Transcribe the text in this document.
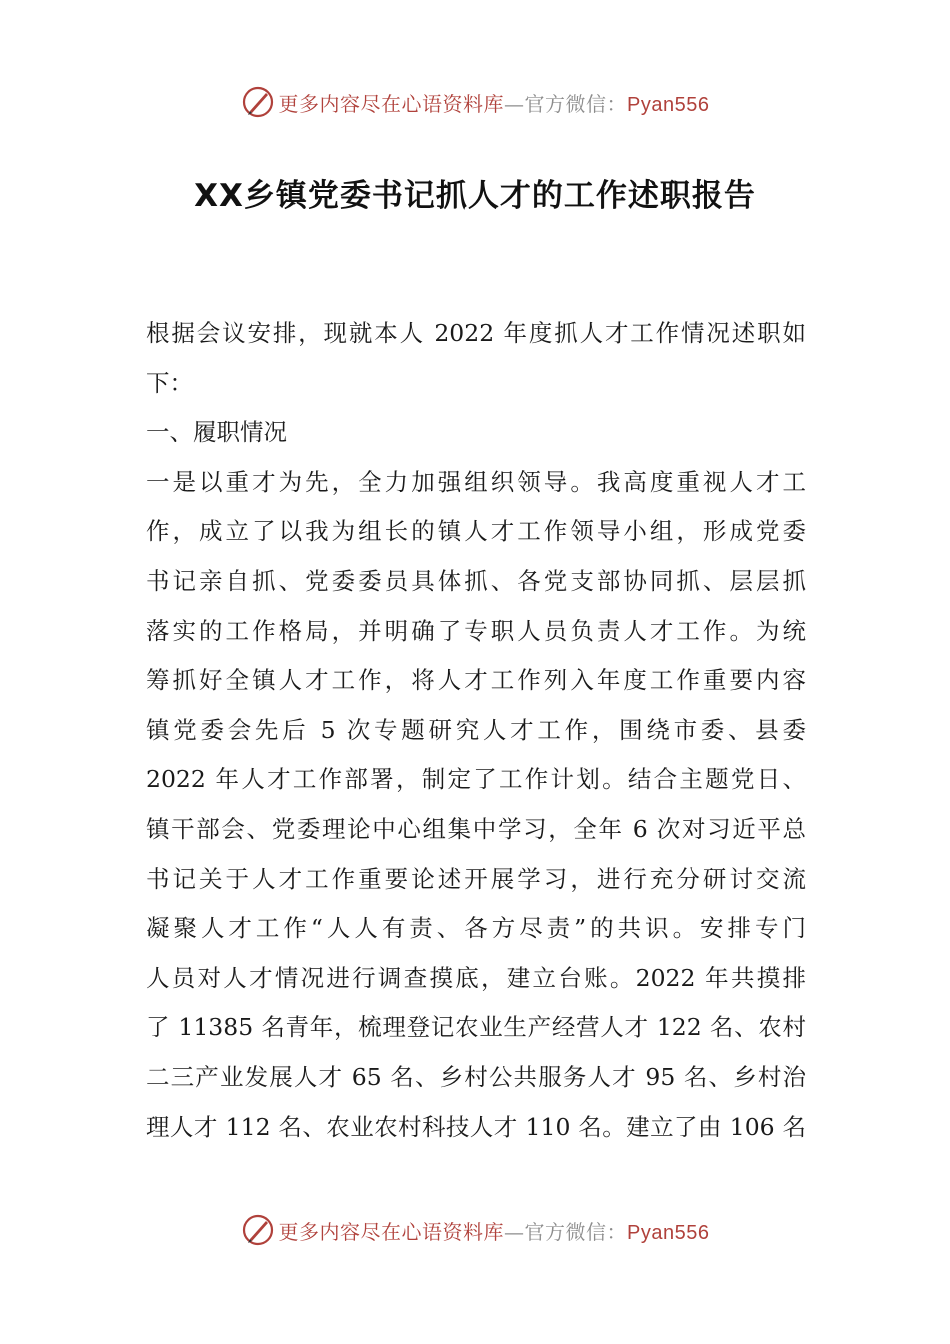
更多内容尽在心语资料库—官方微信：Pyan556
XX乡镇党委书记抓人才的工作述职报告
根据会议安排，现就本人 2022 年度抓人才工作情况述职如
下：
一、履职情况
一是以重才为先，全力加强组织领导。我高度重视人才工
作，成立了以我为组长的镇人才工作领导小组，形成党委
书记亲自抓、党委委员具体抓、各党支部协同抓、层层抓
落实的工作格局，并明确了专职人员负责人才工作。为统
筹抓好全镇人才工作，将人才工作列入年度工作重要内容
镇党委会先后 5 次专题研究人才工作，围绕市委、县委
2022 年人才工作部署，制定了工作计划。结合主题党日、
镇干部会、党委理论中心组集中学习，全年 6 次对习近平总
书记关于人才工作重要论述开展学习，进行充分研讨交流
凝聚人才工作“人人有责、各方尽责”的共识。安排专门
人员对人才情况进行调查摸底，建立台账。2022 年共摸排
了 11385 名青年，梳理登记农业生产经营人才 122 名、农村
二三产业发展人才 65 名、乡村公共服务人才 95 名、乡村治
理人才 112 名、农业农村科技人才 110 名。建立了由 106 名
更多内容尽在心语资料库—官方微信：Pyan556
